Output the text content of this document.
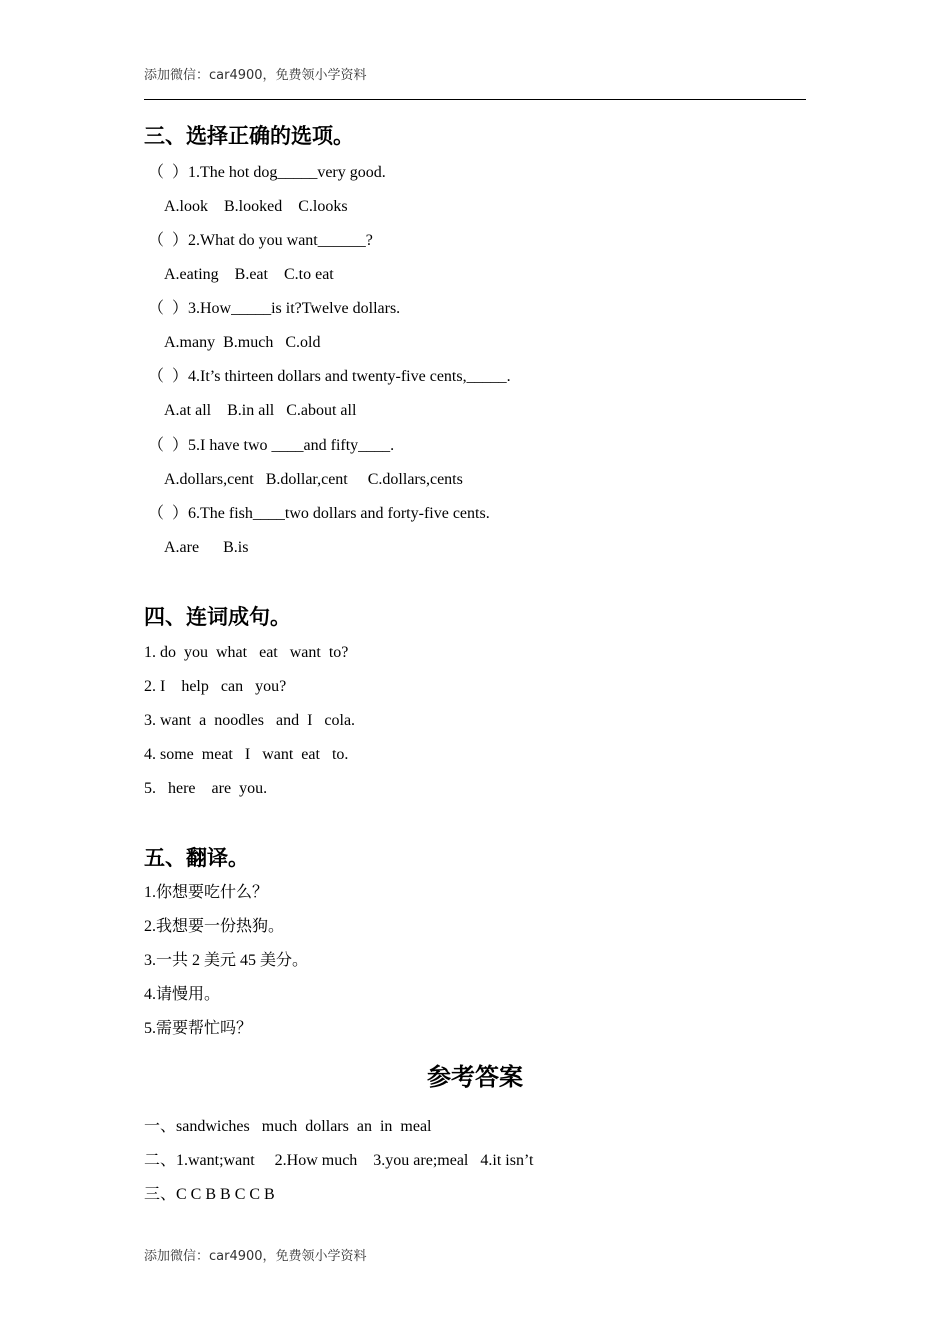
添加微信：car4900，免费领小学资料
三、选择正确的选项。
（  ）1.The hot dog_____very good.
A.look    B.looked    C.looks
（  ）2.What do you want______?
A.eating    B.eat    C.to eat
（  ）3.How_____is it?Twelve dollars.
A.many  B.much   C.old
（  ）4.It’s thirteen dollars and twenty-five cents,_____.
A.at all    B.in all   C.about all
（  ）5.I have two ____and fifty____.
A.dollars,cent   B.dollar,cent     C.dollars,cents
（  ）6.The fish____two dollars and forty-five cents.
A.are      B.is
四、连词成句。
1. do  you  what   eat   want  to?
2. I    help   can   you?
3. want  a  noodles   and  I   cola.
4. some  meat   I   want  eat   to.
5.   here    are  you.
五、翻译。
1.你想要吃什么？
2.我想要一份热狗。
3.一共 2 美元 45 美分。
4.请慢用。
5.需要帮忙吗？
参考答案
一、sandwiches   much  dollars  an  in  meal
二、1.want;want     2.How much    3.you are;meal   4.it isn’t
三、C C B B C C B
添加微信：car4900，免费领小学资料
